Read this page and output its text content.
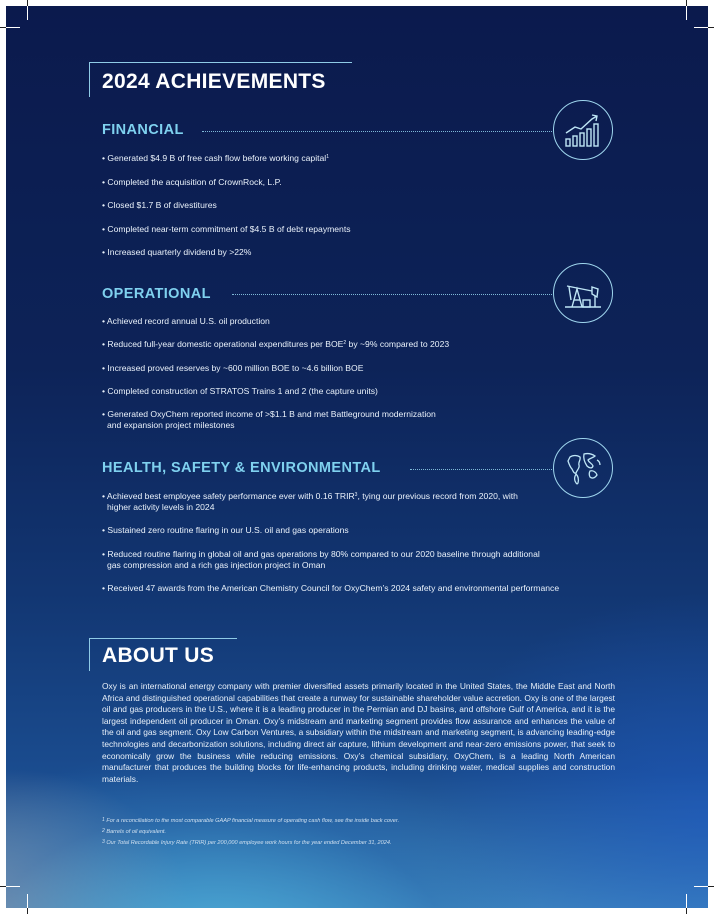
2024 ACHIEVEMENTS
FINANCIAL
• Generated $4.9 B of free cash flow before working capital$^1$
• Completed the acquisition of CrownRock, L.P.
• Closed $1.7 B of divestitures
• Completed near-term commitment of $4.5 B of debt repayments
• Increased quarterly dividend by >22%
OPERATIONAL
• Achieved record annual U.S. oil production
• Reduced full-year domestic operational expenditures per BOE$^2$ by ~9% compared to 2023
• Increased proved reserves by ~600 million BOE to ~4.6 billion BOE
• Completed construction of STRATOS Trains 1 and 2 (the capture units)
• Generated OxyChem reported income of >$1.1 B and met Battleground modernization
and expansion project milestones
HEALTH, SAFETY & ENVIRONMENTAL
• Achieved best employee safety performance ever with 0.16 TRIR$^3$, tying our previous record from 2020, with
higher activity levels in 2024
• Sustained zero routine flaring in our U.S. oil and gas operations
• Reduced routine flaring in global oil and gas operations by 80% compared to our 2020 baseline through additional
gas compression and a rich gas injection project in Oman
• Received 47 awards from the American Chemistry Council for OxyChem’s 2024 safety and environmental performance
ABOUT US
Oxy is an international energy company with premier diversified assets primarily located in the United States, the Middle East and North Africa and distinguished operational capabilities that create a runway for sustainable shareholder value accretion. Oxy is one of the largest oil and gas producers in the U.S., where it is a leading producer in the Permian and DJ basins, and offshore Gulf of America, and it is the largest independent oil producer in Oman. Oxy’s midstream and marketing segment provides flow assurance and enhances the value of the oil and gas segment. Oxy Low Carbon Ventures, a subsidiary within the midstream and marketing segment, is advancing leading-edge technologies and decarbonization solutions, including direct air capture, lithium development and near-zero emissions power, that seek to economically grow the business while reducing emissions. Oxy’s chemical subsidiary, OxyChem, is a leading North American manufacturer that produces the building blocks for life-enhancing products, including drinking water, medical supplies and construction materials.
$^1$ For a reconciliation to the most comparable GAAP financial measure of operating cash flow, see the inside back cover.
$^2$ Barrels of oil equivalent.
$^3$ Our Total Recordable Injury Rate (TRIR) per 200,000 employee work hours for the year ended December 31, 2024.
